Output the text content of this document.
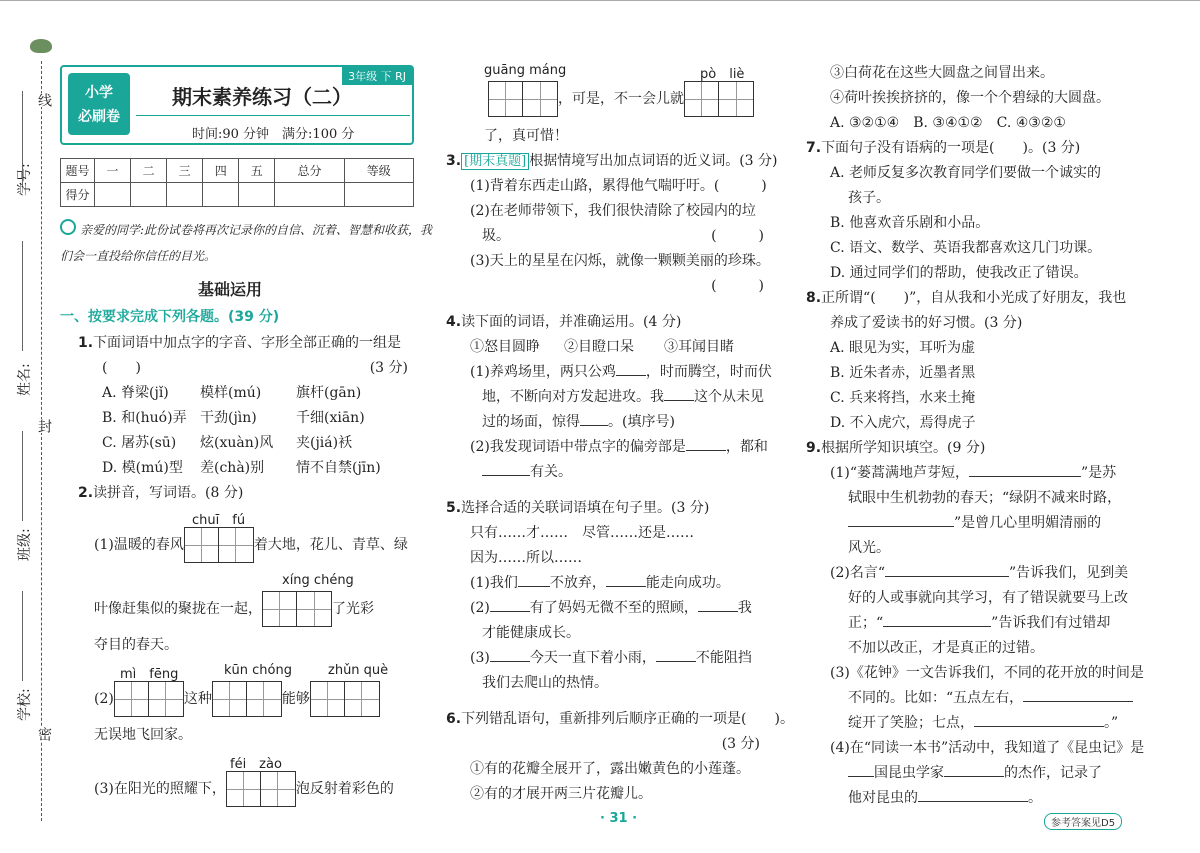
线
封
密
学号:
姓名:
班级:
学校:
小学
必刷卷
3年级 下 RJ
期末素养练习（二）
时间:90 分钟　满分:100 分
题号	一	二	三	四	五	总分	等级
得分							
亲爱的同学:此份试卷将再次记录你的自信、沉着、智慧和收获，我
们会一直投给你信任的目光。
基础运用
一、按要求完成下列各题。(39 分)
1.下面词语中加点字的字音、字形全部正确的一组是
(　　)	(3 分)
A. 脊梁(jǐ) 模样(mú) 旗杆(gān)
B. 和(huó)弄 干劲(jìn)	千细(xiān)
C. 屠苏(sū) 炫(xuàn)风 夹(jiá)袄
D. 模(mú)型 差(chà)别 情不自禁(jīn)
2.读拼音，写词语。(8 分)
chuī　fú
(1)温暖的春风	着大地，花儿、青草、绿
xíng chéng
叶像赶集似的聚拢在一起，	了光彩
夺目的春天。
mì　fēng	kūn chóng	zhǔn què
(2)	这种	能够
无误地飞回家。
féi　zào
(3)在阳光的照耀下，	泡反射着彩色的
guāng máng	pò　liè
，可是，不一会儿就
了，真可惜！
3. [期末真题] 根据情境写出加点词语的近义词。(3 分)
(1)背着东西走山路，累得他气喘吁吁。(　　　)
(2)在老师带领下，我们很快清除了校园内的垃
圾。	(　　　)
(3)天上的星星在闪烁，就像一颗颗美丽的珍珠。
(　　　)
4.读下面的词语，并准确运用。(4 分)
①怒目圆睁 ②目瞪口呆 ③耳闻目睹
(1)养鸡场里，两只公鸡 ，时而腾空，时而伏
地，不断向对方发起进攻。我 这个从未见
过的场面，惊得 。(填序号)
(2)我发现词语中带点字的偏旁部是	，都和
有关。
5.选择合适的关联词语填在句子里。(3 分)
只有……才……　尽管……还是……
因为……所以……
(1)我们 不放弃，	能走向成功。
(2)	有了妈妈无微不至的照顾，	我
才能健康成长。
(3)	今天一直下着小雨，	不能阻挡
我们去爬山的热情。
6.下列错乱语句，重新排列后顺序正确的一项是(　　)。
(3 分)
①有的花瓣全展开了，露出嫩黄色的小莲蓬。
②有的才展开两三片花瓣儿。
· 31 ·
③白荷花在这些大圆盘之间冒出来。
④荷叶挨挨挤挤的，像一个个碧绿的大圆盘。
A. ③②①④　B. ③④①②　C. ④③②①
7.下面句子没有语病的一项是(　　)。(3 分)
A. 老师反复多次教育同学们要做一个诚实的
孩子。
B. 他喜欢音乐剧和小品。
C. 语文、数学、英语我都喜欢这几门功课。
D. 通过同学们的帮助，使我改正了错误。
8.正所谓“(　　)”，自从我和小光成了好朋友，我也
养成了爱读书的好习惯。(3 分)
A. 眼见为实，耳听为虚
B. 近朱者赤，近墨者黑
C. 兵来将挡，水来土掩
D. 不入虎穴，焉得虎子
9.根据所学知识填空。(9 分)
(1)“蒌蒿满地芦芽短，	”是苏
轼眼中生机勃勃的春天；“绿阴不减来时路，
”是曾几心里明媚清丽的
风光。
(2)名言“	”告诉我们，见到美
好的人或事就向其学习，有了错误就要马上改
正；“	”告诉我们有过错却
不加以改正，才是真正的过错。
(3)《花钟》一文告诉我们，不同的花开放的时间是
不同的。比如：“五点左右，
绽开了笑脸；七点，	。”
(4)在“同读一本书”活动中，我知道了《昆虫记》是
国昆虫学家	的杰作，记录了
他对昆虫的	。
参考答案见D5
